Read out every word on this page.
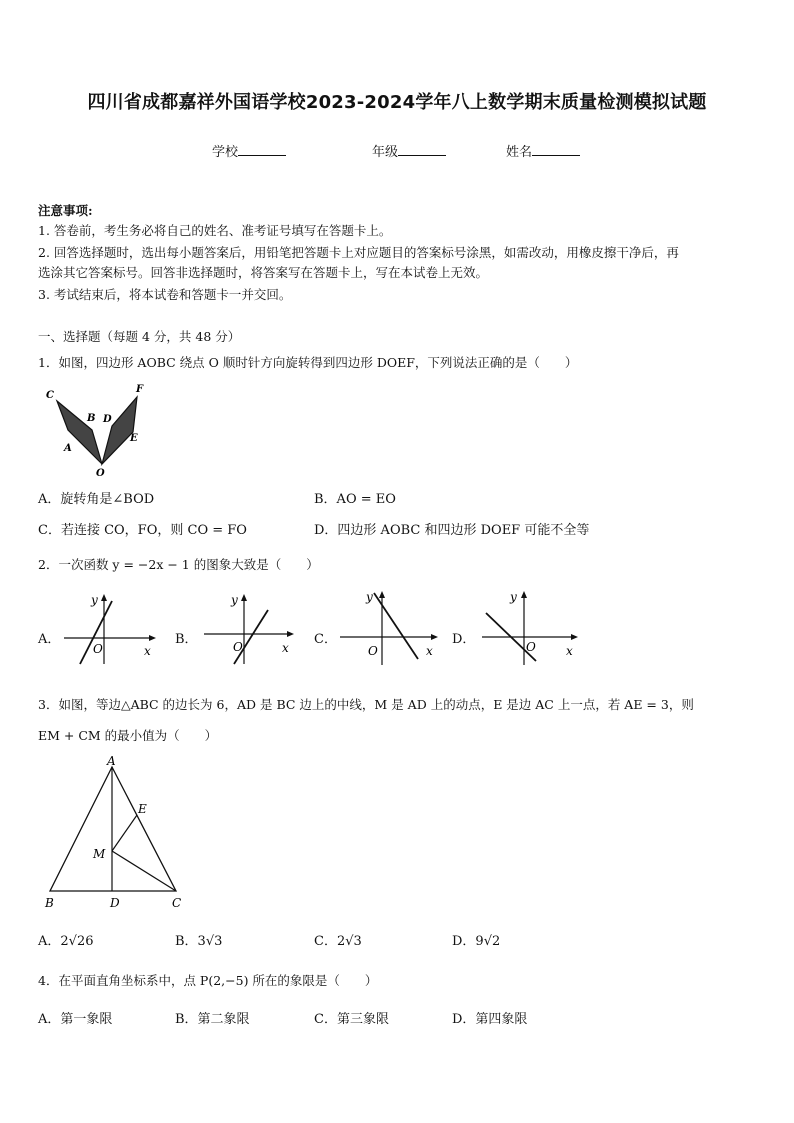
四川省成都嘉祥外国语学校2023-2024学年八上数学期末质量检测模拟试题
学校	年级	姓名
注意事项:
1. 答卷前，考生务必将自己的姓名、准考证号填写在答题卡上。
2. 回答选择题时，选出每小题答案后，用铅笔把答题卡上对应题目的答案标号涂黑，如需改动，用橡皮擦干净后，再
选涂其它答案标号。回答非选择题时，将答案写在答题卡上，写在本试卷上无效。
3. 考试结束后，将本试卷和答题卡一并交回。
一、选择题（每题 4 分，共 48 分）
1．如图，四边形 AOBC 绕点 O 顺时针方向旋转得到四边形 DOEF，下列说法正确的是（　　）
C
B
A
D
F
E
O
A．旋转角是∠BOD	B．AO = EO
C．若连接 CO，FO，则 CO = FO	D．四边形 AOBC 和四边形 DOEF 可能不全等
2．一次函数 y = −2x − 1 的图象大致是（　　）
A．
y
x
O
B．
y
x
O	C．
y
x
O
D．
y
x
O
3．如图，等边△ABC 的边长为 6，AD 是 BC 边上的中线，M 是 AD 上的动点，E 是边 AC 上一点，若 AE = 3，则
EM + CM 的最小值为（　　）
A
E
M
B	D	C
A．2√26	B．3√3	C．2√3	D．9√2
4．在平面直角坐标系中，点 P(2,−5) 所在的象限是（　　）
A．第一象限	B．第二象限	C．第三象限	D．第四象限
